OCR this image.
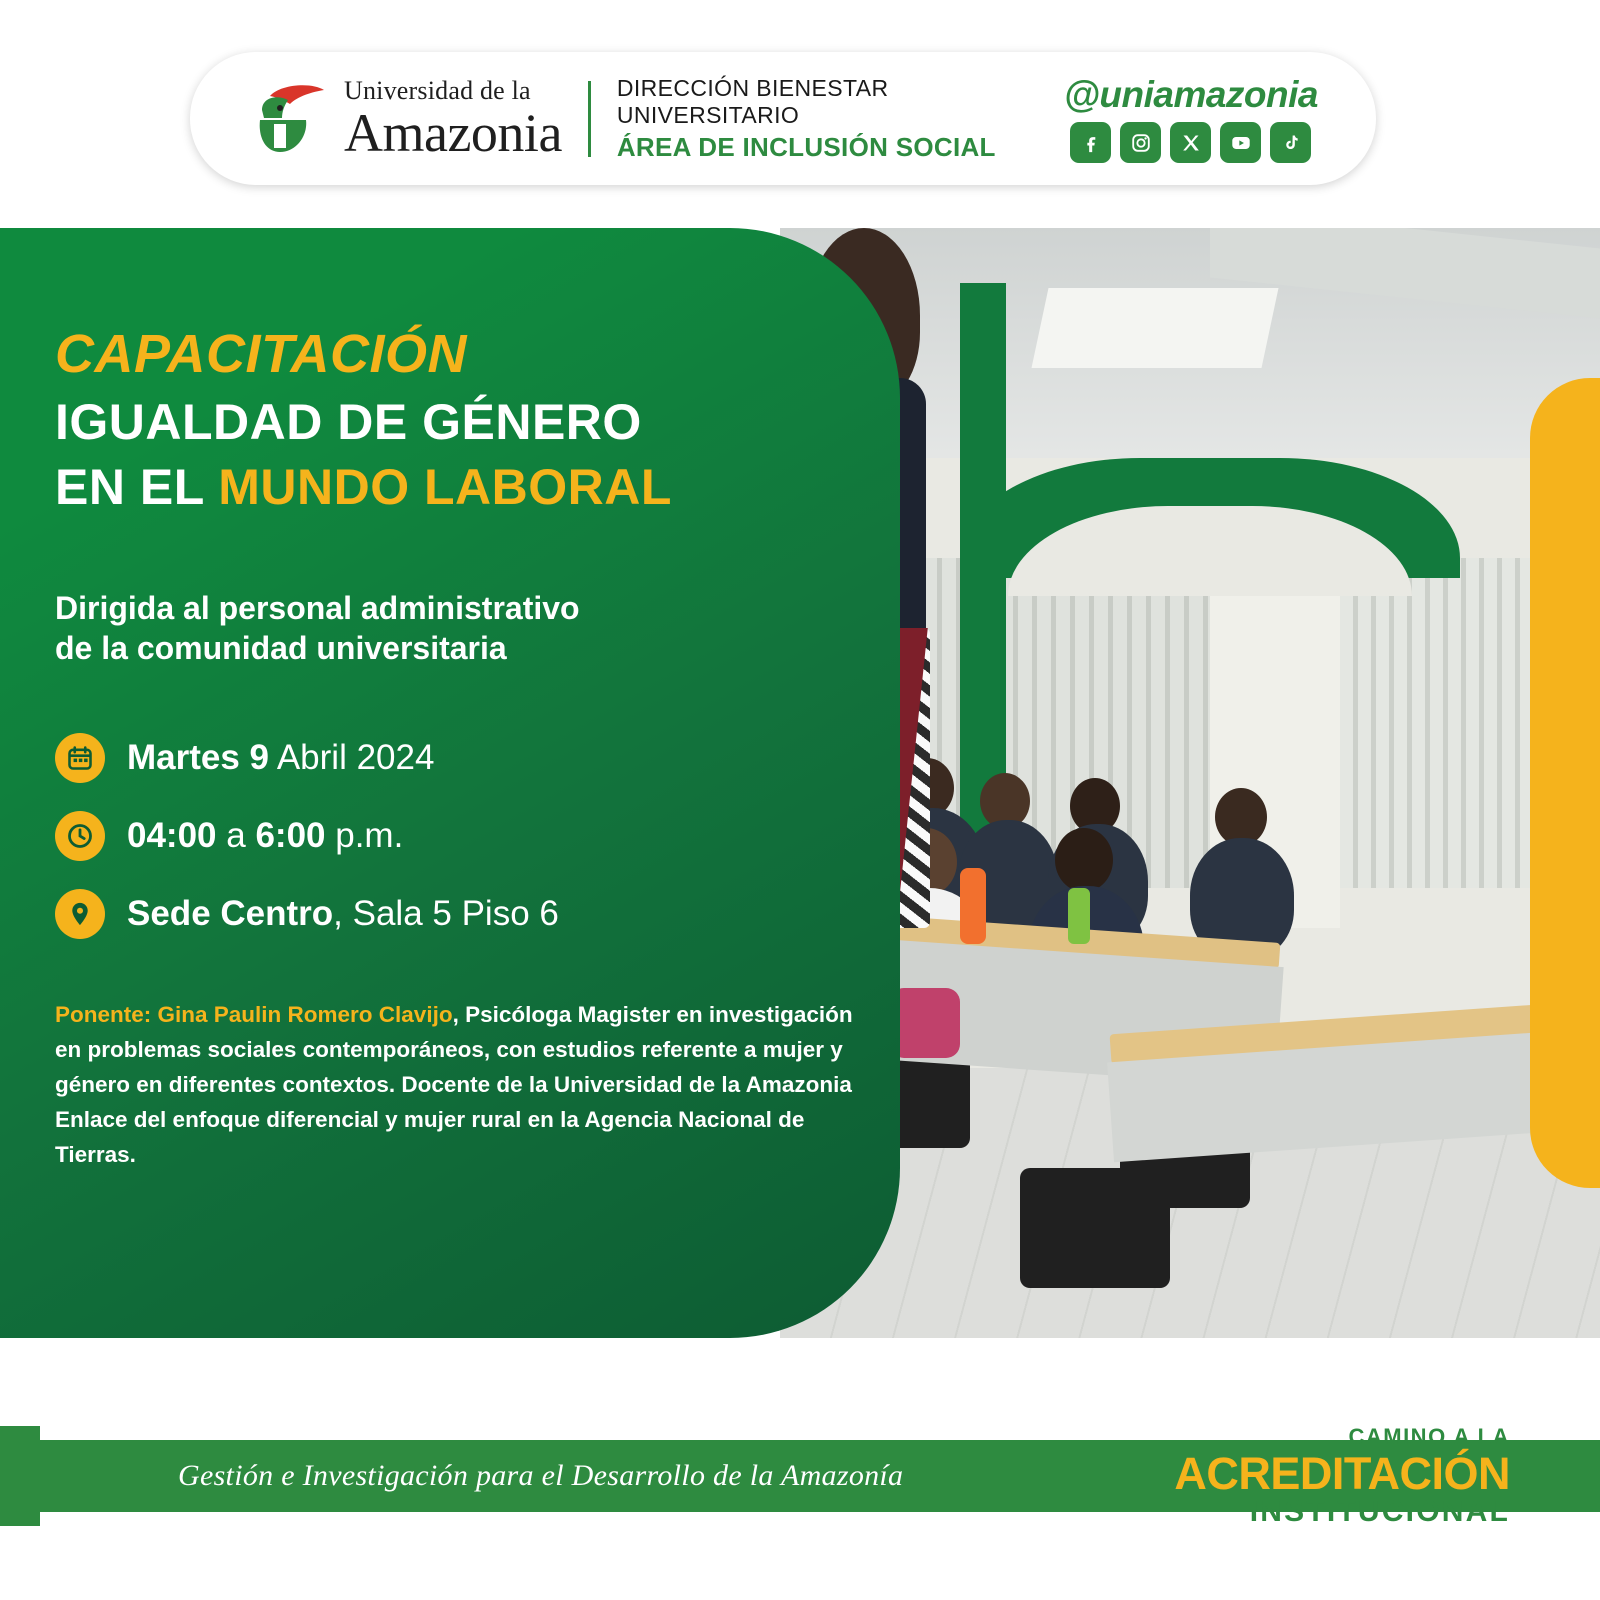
Universidad de la
Amazonia
DIRECCIÓN BIENESTAR UNIVERSITARIO
ÁREA DE INCLUSIÓN SOCIAL
@uniamazonia
CAPACITACIÓN
IGUALDAD DE GÉNERO
EN EL MUNDO LABORAL
Dirigida al personal administrativo
de la comunidad universitaria
Martes 9 Abril 2024
04:00 a 6:00 p.m.
Sede Centro, Sala 5 Piso 6
Ponente: Gina Paulin Romero Clavijo, Psicóloga Magister en investigación en problemas sociales contemporáneos, con estudios referente a mujer y género en diferentes contextos. Docente de la Universidad de la Amazonia Enlace del enfoque diferencial y mujer rural en la Agencia Nacional de Tierras.
Gestión e Investigación para el Desarrollo de la Amazonía
CAMINO A LA
ACREDITACIÓN
INSTITUCIONAL
